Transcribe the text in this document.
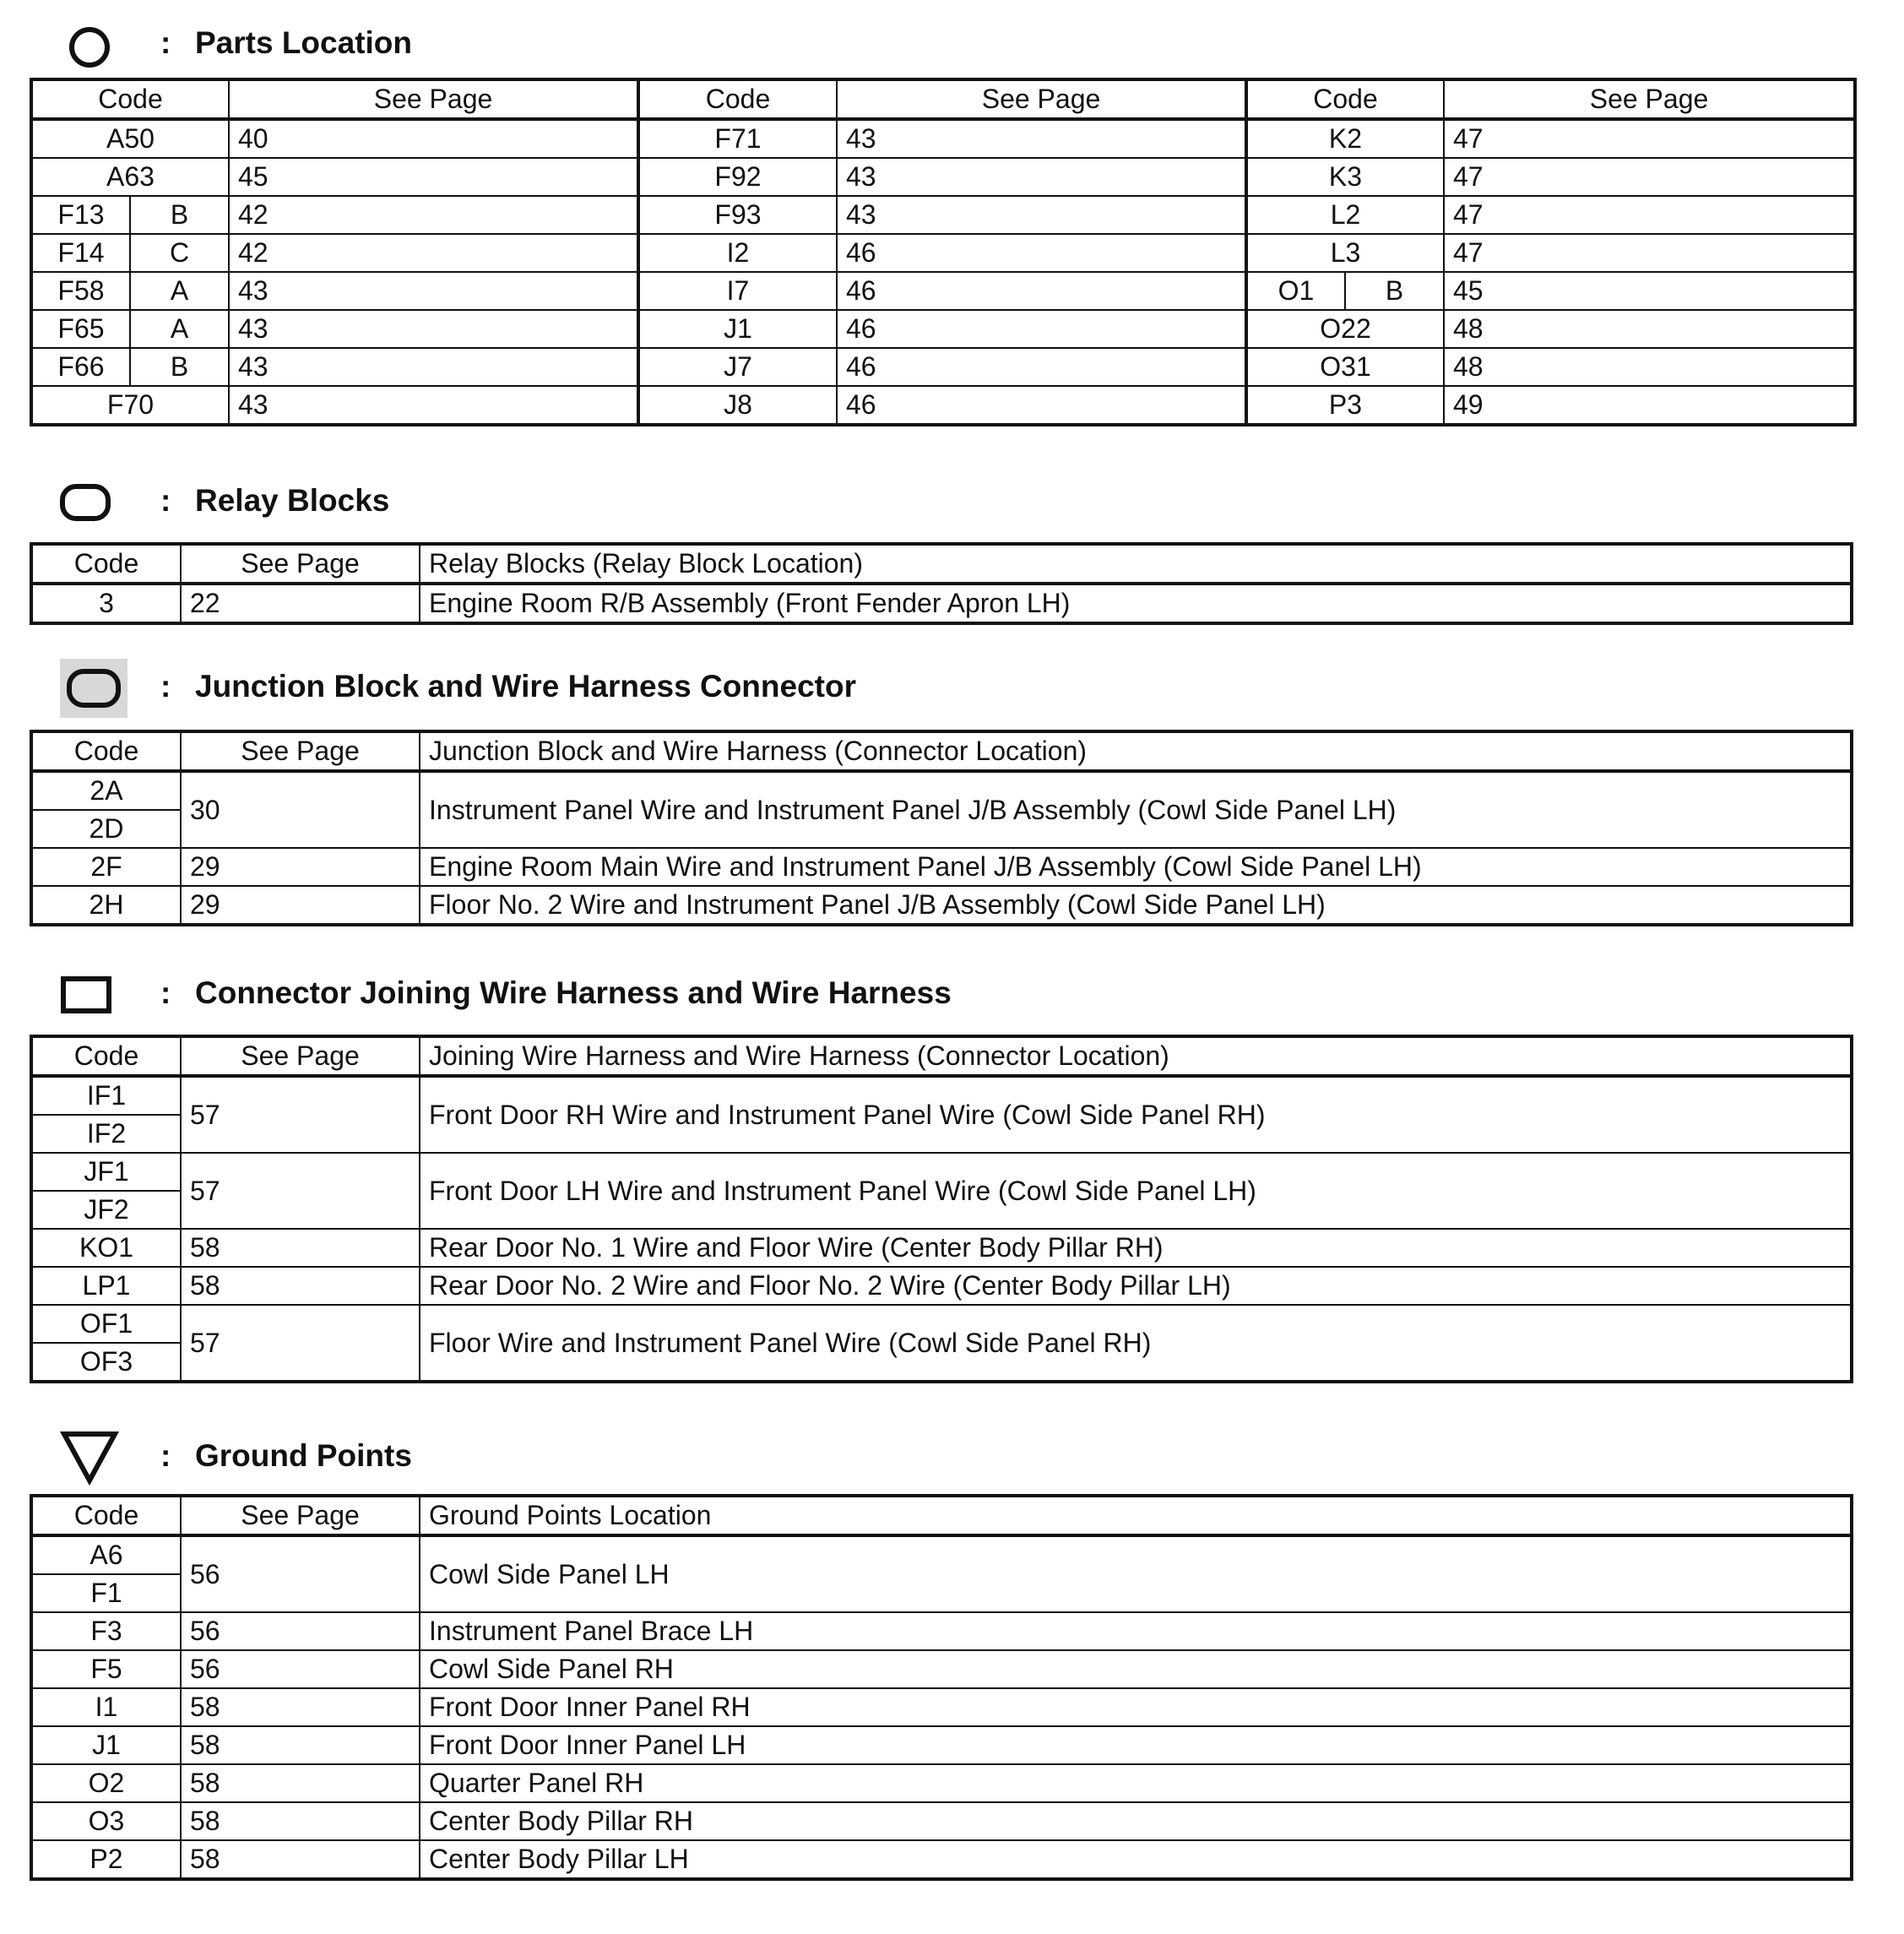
: Parts Location
Code		See Page	Code	See Page	Code		See Page
A50		40	F71	43	K2		47
A63		45	F92	43	K3		47
F13	B	42	F93	43	L2		47
F14	C	42	I2	46	L3		47
F58	A	43	I7	46	O1	B	45
F65	A	43	J1	46	O22		48
F66	B	43	J7	46	O31		48
F70		43	J8	46	P3		49
: Relay Blocks
Code	See Page	Relay Blocks (Relay Block Location)
3	22	Engine Room R/B Assembly (Front Fender Apron LH)
: Junction Block and Wire Harness Connector
Code	See Page	Junction Block and Wire Harness (Connector Location)
2A	30	Instrument Panel Wire and Instrument Panel J/B Assembly (Cowl Side Panel LH)
2D		
2F	29	Engine Room Main Wire and Instrument Panel J/B Assembly (Cowl Side Panel LH)
2H	29	Floor No. 2 Wire and Instrument Panel J/B Assembly (Cowl Side Panel LH)
: Connector Joining Wire Harness and Wire Harness
Code	See Page	Joining Wire Harness and Wire Harness (Connector Location)
IF1	57	Front Door RH Wire and Instrument Panel Wire (Cowl Side Panel RH)
IF2		
JF1	57	Front Door LH Wire and Instrument Panel Wire (Cowl Side Panel LH)
JF2		
KO1	58	Rear Door No. 1 Wire and Floor Wire (Center Body Pillar RH)
LP1	58	Rear Door No. 2 Wire and Floor No. 2 Wire (Center Body Pillar LH)
OF1	57	Floor Wire and Instrument Panel Wire (Cowl Side Panel RH)
OF3		
: Ground Points
Code	See Page	Ground Points Location
A6	56	Cowl Side Panel LH
F1		
F3	56	Instrument Panel Brace LH
F5	56	Cowl Side Panel RH
I1	58	Front Door Inner Panel RH
J1	58	Front Door Inner Panel LH
O2	58	Quarter Panel RH
O3	58	Center Body Pillar RH
P2	58	Center Body Pillar LH
